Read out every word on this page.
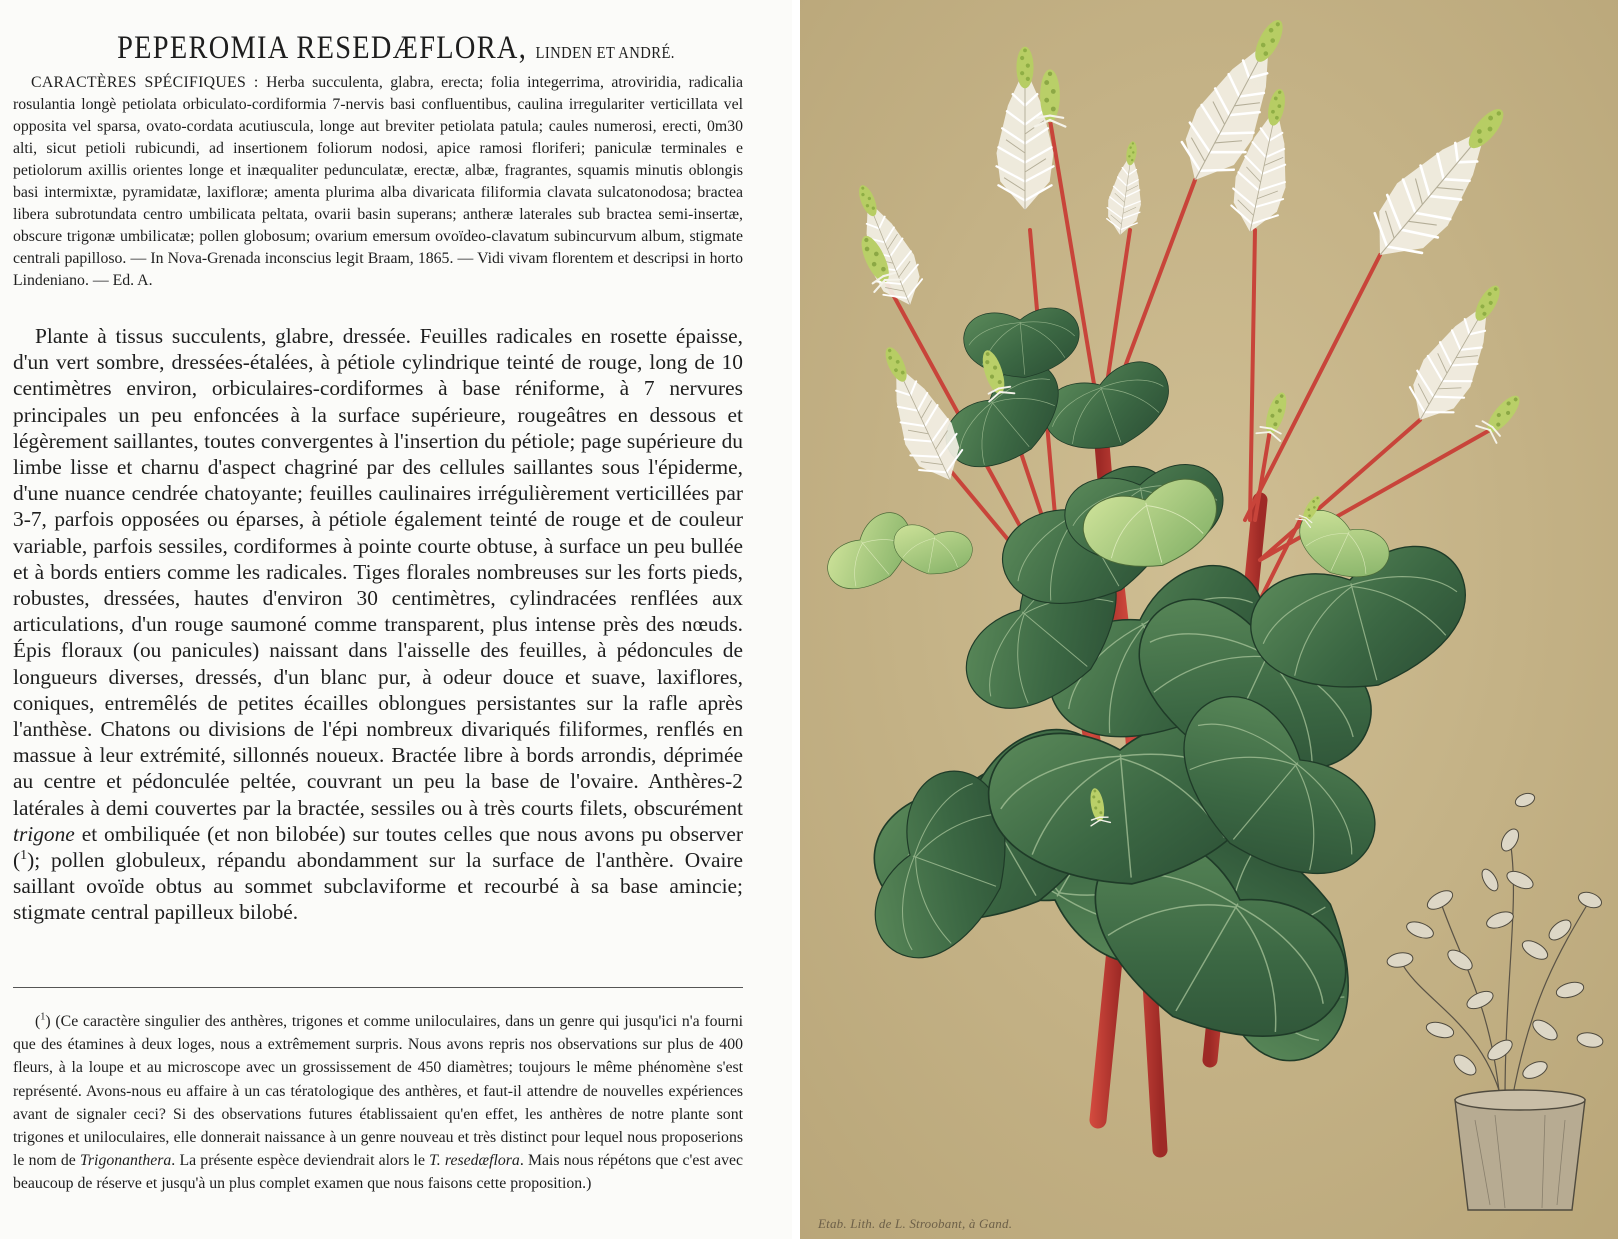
PEPEROMIA RESEDÆFLORA, LINDEN ET ANDRÉ.
CARACTÈRES SPÉCIFIQUES : Herba succulenta, glabra, erecta; folia integerrima, atroviridia, radicalia rosulantia longè petiolata orbiculato-cordiformia 7-nervis basi confluentibus, caulina irregulariter verticillata vel opposita vel sparsa, ovato-cordata acutiuscula, longe aut breviter petiolata patula; caules numerosi, erecti, 0m30 alti, sicut petioli rubicundi, ad insertionem foliorum nodosi, apice ramosi floriferi; paniculæ terminales e petiolorum axillis orientes longe et inæqualiter pedunculatæ, erectæ, albæ, fragrantes, squamis minutis oblongis basi intermixtæ, pyramidatæ, laxifloræ; amenta plurima alba divaricata filiformia clavata sulcatonodosa; bractea libera subrotundata centro umbilicata peltata, ovarii basin superans; antheræ laterales sub bractea semi-insertæ, obscure trigonæ umbilicatæ; pollen globosum; ovarium emersum ovoïdeo-clavatum subincurvum album, stigmate centrali papilloso. — In Nova-Grenada inconscius legit Braam, 1865. — Vidi vivam florentem et descripsi in horto Lindeniano. — Ed. A.
Plante à tissus succulents, glabre, dressée. Feuilles radicales en rosette épaisse, d'un vert sombre, dressées-étalées, à pétiole cylindrique teinté de rouge, long de 10 centimètres environ, orbiculaires-cordiformes à base réniforme, à 7 nervures principales un peu enfoncées à la surface supérieure, rougeâtres en dessous et légèrement saillantes, toutes convergentes à l'insertion du pétiole; page supérieure du limbe lisse et charnu d'aspect chagriné par des cellules saillantes sous l'épiderme, d'une nuance cendrée chatoyante; feuilles caulinaires irrégulièrement verticillées par 3-7, parfois opposées ou éparses, à pétiole également teinté de rouge et de couleur variable, parfois sessiles, cordiformes à pointe courte obtuse, à surface un peu bullée et à bords entiers comme les radicales. Tiges florales nombreuses sur les forts pieds, robustes, dressées, hautes d'environ 30 centimètres, cylindracées renflées aux articulations, d'un rouge saumoné comme transparent, plus intense près des nœuds. Épis floraux (ou panicules) naissant dans l'aisselle des feuilles, à pédoncules de longueurs diverses, dressés, d'un blanc pur, à odeur douce et suave, laxiflores, coniques, entremêlés de petites écailles oblongues persistantes sur la rafle après l'anthèse. Chatons ou divisions de l'épi nombreux divariqués filiformes, renflés en massue à leur extrémité, sillonnés noueux. Bractée libre à bords arrondis, déprimée au centre et pédonculée peltée, couvrant un peu la base de l'ovaire. Anthères-2 latérales à demi couvertes par la bractée, sessiles ou à très courts filets, obscurément trigone et ombiliquée (et non bilobée) sur toutes celles que nous avons pu observer ($^1$); pollen globuleux, répandu abondamment sur la surface de l'anthère. Ovaire saillant ovoïde obtus au sommet subclaviforme et recourbé à sa base amincie; stigmate central papilleux bilobé.
($^1$) (Ce caractère singulier des anthères, trigones et comme uniloculaires, dans un genre qui jusqu'ici n'a fourni que des étamines à deux loges, nous a extrêmement surpris. Nous avons repris nos observations sur plus de 400 fleurs, à la loupe et au microscope avec un grossissement de 450 diamètres; toujours le même phénomène s'est représenté. Avons-nous eu affaire à un cas tératologique des anthères, et faut-il attendre de nouvelles expériences avant de signaler ceci? Si des observations futures établissaient qu'en effet, les anthères de notre plante sont trigones et uniloculaires, elle donnerait naissance à un genre nouveau et très distinct pour lequel nous proposerions le nom de Trigonanthera. La présente espèce deviendrait alors le T. resedæflora. Mais nous répétons que c'est avec beaucoup de réserve et jusqu'à un plus complet examen que nous faisons cette proposition.)
Etab. Lith. de L. Stroobant, à Gand.
